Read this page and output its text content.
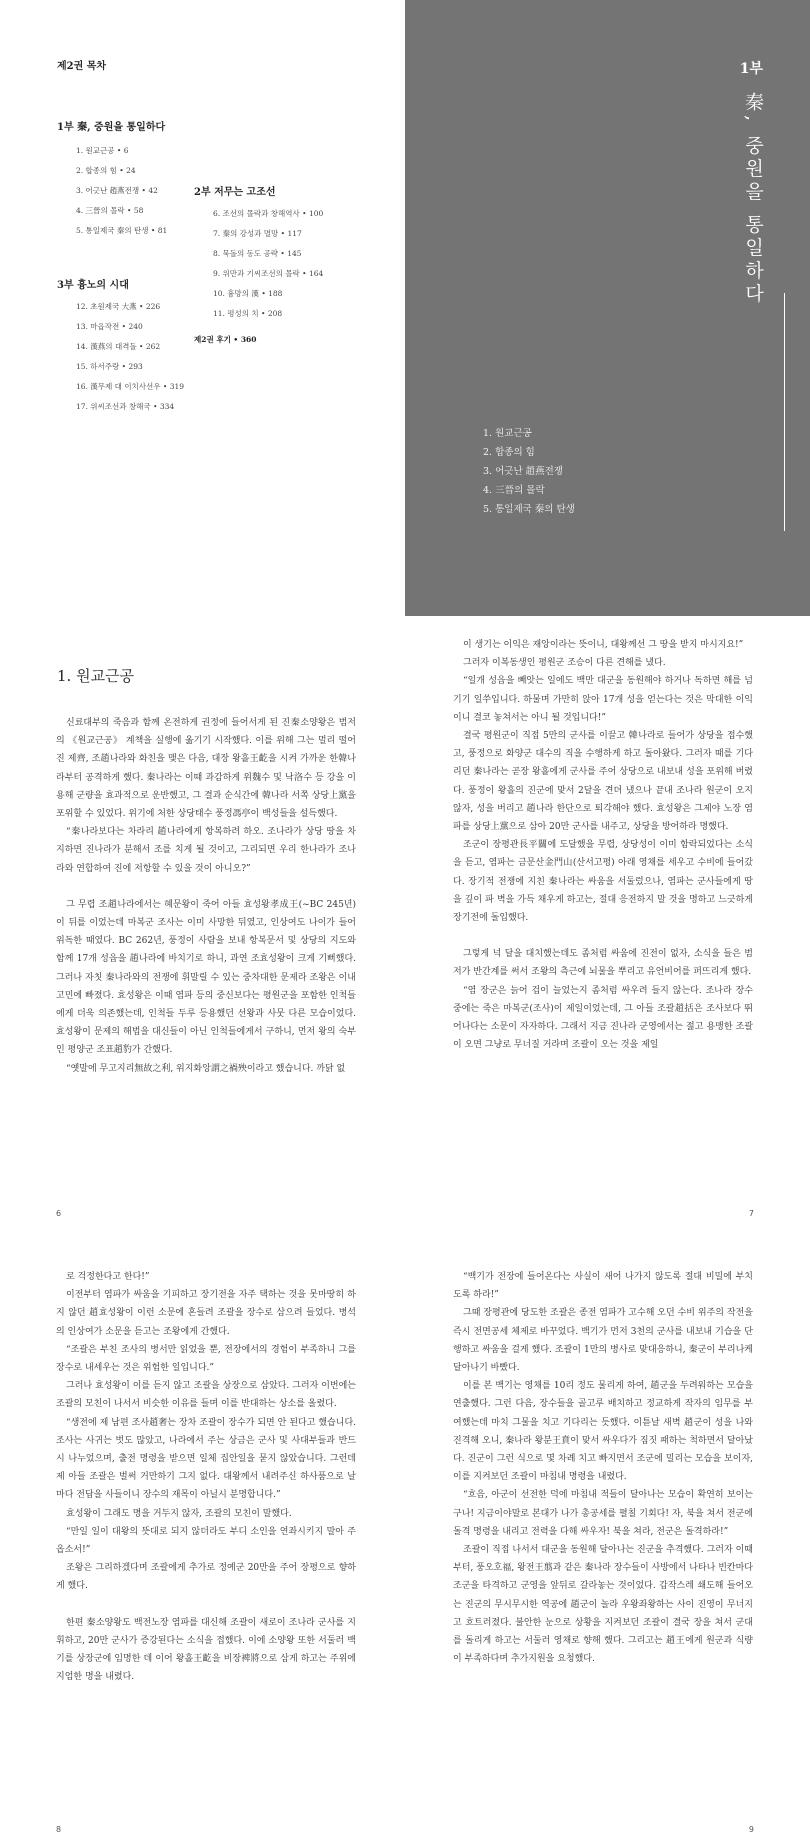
제2권 목차
1부 秦, 중원을 통일하다
1. 원교근공 • 6
2. 합종의 힘 • 24
3. 어긋난 趙燕전쟁 • 42
4. 三晉의 몰락 • 58
5. 통일제국 秦의 탄생 • 81
2부 저무는 고조선
6. 조선의 몰락과 창해역사 • 100
7. 秦의 강성과 멸망 • 117
8. 묵돌의 동도 공략 • 145
9. 위만과 기씨조선의 몰락 • 164
10. 흉망의 漢 • 188
11. 평성의 치 • 208
제2권 후기 • 360
3부 흉노의 시대
12. 초원제국 大燕 • 226
13. 마읍작전 • 240
14. 漢燕의 대격돌 • 262
15. 하서주랑 • 293
16. 漢무제 대 이치사선우 • 319
17. 위씨조선과 창해국 • 334
1부
秦, 중원을 통일하다
1. 원교근공
2. 합종의 힘
3. 어긋난 趙燕전쟁
4. 三晉의 몰락
5. 통일제국 秦의 탄생
1. 원교근공

신료대부의 죽음과 함께 온전하게 권정에 들어서게 된 진秦소양왕은 범저의 《원교근공》 계책을 실행에 옮기기 시작했다. 이를 위해 그는 멀리 떨어진 제齊, 조趙나라와 화친을 맺은 다음, 대장 왕흘王齕을 시켜 가까운 한韓나라부터 공격하게 했다. 秦나라는 이때 과감하게 위魏수 및 낙洛수 등 강을 이용해 군량을 효과적으로 운반했고, 그 결과 순식간에 韓나라 서쪽 상당上黨을 포위할 수 있었다. 위기에 처한 상당태수 풍정馮亭이 백성들을 설득했다.

“秦나라보다는 차라리 趙나라에게 항복하려 하오. 조나라가 상당 땅을 차지하면 진나라가 분해서 조를 치게 될 것이고, 그리되면 우리 한나라가 조나라와 연합하여 진에 저항할 수 있을 것이 아니오?”

그 무렵 조趙나라에서는 혜문왕이 죽어 아들 효성왕孝成王(~BC 245년)이 뒤를 이었는데 마복군 조사는 이미 사망한 뒤였고, 인상여도 나이가 들어 위독한 때였다. BC 262년, 풍정이 사람을 보내 항복문서 및 상당의 지도와 함께 17개 성읍을 趙나라에 바치기로 하니, 과연 조효성왕이 크게 기뻐했다. 그러나 자칫 秦나라와의 전쟁에 휘말릴 수 있는 중차대한 문제라 조왕은 이내 고민에 빠졌다. 효성왕은 이때 염파 등의 중신보다는 평원군을 포함한 인척들에게 더욱 의존했는데, 인척들 두루 등용했던 선왕과 사뭇 다른 모습이었다. 효성왕이 문제의 해법을 대신들이 아닌 인척들에게서 구하니, 먼저 왕의 숙부인 평양군 조표趙豹가 간했다.

“옛말에 무고지리無故之利, 위지화앙謂之禍殃이라고 했습니다. 까닭 없

6

이 생기는 이익은 재앙이라는 뜻이니, 대왕께선 그 땅을 받지 마시지요!”

그러자 이복동생인 평원군 조승이 다른 견해를 냈다.

“일개 성읍을 빼앗는 일에도 백만 대군을 동원해야 하거나 독하면 해를 넘기기 일쑤입니다. 하물며 가만히 앉아 17개 성을 얻는다는 것은 막대한 이익이니 결코 놓쳐서는 아니 될 것입니다!”

결국 평원군이 직접 5만의 군사를 이끌고 韓나라로 들어가 상당을 접수했고, 풍정으로 화양군 대수의 직을 수행하게 하고 돌아왔다. 그러자 때를 기다리던 秦나라는 곧장 왕흘에게 군사를 주어 상당으로 내보내 성을 포위해 버렸다. 풍정이 왕흘의 진군에 맞서 2달을 견뎌 냈으나 끝내 조나라 원군이 오지 않자, 성을 버리고 趙나라 한단으로 퇴각해야 했다. 효성왕은 그제야 노장 염파를 상당上黨으로 삼아 20만 군사를 내주고, 상당을 방어하라 명했다.

조군이 장평관長平關에 도달했을 무렵, 상당성이 이미 함락되었다는 소식을 듣고, 염파는 금문산金門山(산서고평) 아래 영채를 세우고 수비에 들어갔다. 장기적 전쟁에 지친 秦나라는 싸움을 서둘렀으나, 염파는 군사들에게 땅을 깊이 파 벽을 가득 채우게 하고는, 절대 응전하지 말 것을 명하고 느긋하게 장기전에 돌입했다.

그렇게 넉 달을 대치했는데도 좀처럼 싸움에 진전이 없자, 소식을 들은 범저가 반간계를 써서 조왕의 측근에 뇌물을 뿌리고 유언비어를 퍼뜨리게 했다.

“염 장군은 늙어 겁이 늘었는지 좀처럼 싸우려 들지 않는다. 조나라 장수 중에는 죽은 마복군(조사)이 제일이었는데, 그 아들 조괄趙括은 조사보다 뛰어나다는 소문이 자자하다. 그래서 지금 진나라 군영에서는 젊고 용맹한 조괄이 오면 그냥로 무너질 거라며 조괄이 오는 것을 제일

7

로 걱정한다고 한다!”

이전부터 염파가 싸움을 기피하고 장기전을 자주 택하는 것을 못마땅히 하지 않던 趙효성왕이 이런 소문에 혼들려 조괄을 장수로 삼으려 들었다. 병석의 인상여가 소문을 듣고는 조왕에게 간했다.

“조괄은 부친 조사의 병서만 읽었을 뿐, 전장에서의 경험이 부족하니 그를 장수로 내세우는 것은 위험한 일입니다.”

그러나 효성왕이 이를 듣지 않고 조괄을 상장으로 삼았다. 그러자 이번에는 조괄의 모친이 나서서 비슷한 이유를 들며 이를 반대하는 상소를 올렸다.

“생전에 제 남편 조사趙奢는 장차 조괄이 장수가 되면 안 된다고 했습니다. 조사는 사귀는 벗도 많았고, 나라에서 주는 상금은 군사 및 사대부들과 반드시 나누었으며, 출전 명령을 받으면 일체 집안일을 묻지 않았습니다. 그런데 제 아들 조괄은 벌써 거만하기 그지 없다. 대왕께서 내려주신 하사품으로 날마다 전답을 사들이니 장수의 재목이 아닐시 분명합니다.”

효성왕이 그래도 명을 거두지 않자, 조괄의 모친이 말했다.

“만일 일이 대왕의 뜻대로 되지 않더라도 부디 소인을 연좌시키지 말아 주옵소서!”

조왕은 그리하겠다며 조괄에게 추가로 정예군 20만을 주어 장평으로 향하게 했다.

한편 秦소양왕도 백전노장 염파를 대신해 조괄이 새로이 조나라 군사를 지휘하고, 20만 군사가 증강된다는 소식을 접했다. 이에 소양왕 또한 서둘러 백기를 상장군에 임명한 데 이어 왕흘王齕을 비장裨將으로 삼게 하고는 주위에 지엄한 명을 내렸다.

8

“백기가 전장에 들어온다는 사실이 새어 나가지 않도록 절대 비밀에 부치도록 하라!”

그때 장평관에 당도한 조괄은 종전 염파가 고수해 오던 수비 위주의 작전을 즉시 전면공세 체제로 바꾸었다. 백기가 먼저 3천의 군사를 내보내 기습을 단행하고 싸움을 걸게 했다. 조괄이 1만의 병사로 맞대응하니, 秦군이 부리나케 달아나기 바빴다.

이를 본 백기는 영채를 10리 정도 물리게 하여, 趙군을 두려워하는 모습을 연출했다. 그런 다음, 장수들을 골고루 배치하고 정교하게 작자의 임무를 부여했는데 마치 그물을 치고 기다리는 듯했다. 이튿날 새벽 趙군이 성을 나와 진격해 오니, 秦나라 왕분王賁이 맞서 싸우다가 짐짓 패하는 척하면서 달아났다. 진군이 그런 식으로 몇 차례 치고 빠지면서 조군에 밀리는 모습을 보이자, 이를 지켜보던 조괄이 마침내 명령을 내렸다.

“흐음, 아군이 선전한 덕에 마침내 적들이 달아나는 모습이 확연히 보이는구나! 지금이야말로 본대가 나가 총공세를 펼칠 기회다! 자, 북을 쳐서 전군에 돌격 명령을 내리고 전력을 다해 싸우자! 북을 쳐라, 전군은 돌격하라!”

조괄이 직접 나서서 대군을 동원해 달아나는 진군을 추격했다. 그러자 이때부터, 풍오호福, 왕전王翦과 같은 秦나라 장수들이 사방에서 나타나 빈칸마다 조군을 타격하고 군영을 앞뒤로 갈라놓는 것이었다. 갑작스레 쇄도해 들어오는 진군의 무시무시한 역공에 趙군이 놀라 우왕좌왕하는 사이 진영이 무너지고 흐트러졌다. 불안한 눈으로 상황을 지켜보던 조괄이 결국 장을 쳐서 군대를 돌리게 하고는 서둘러 영채로 향해 했다. 그리고는 趙王에게 원군과 식량이 부족하다며 추가지원을 요청했다.

9
